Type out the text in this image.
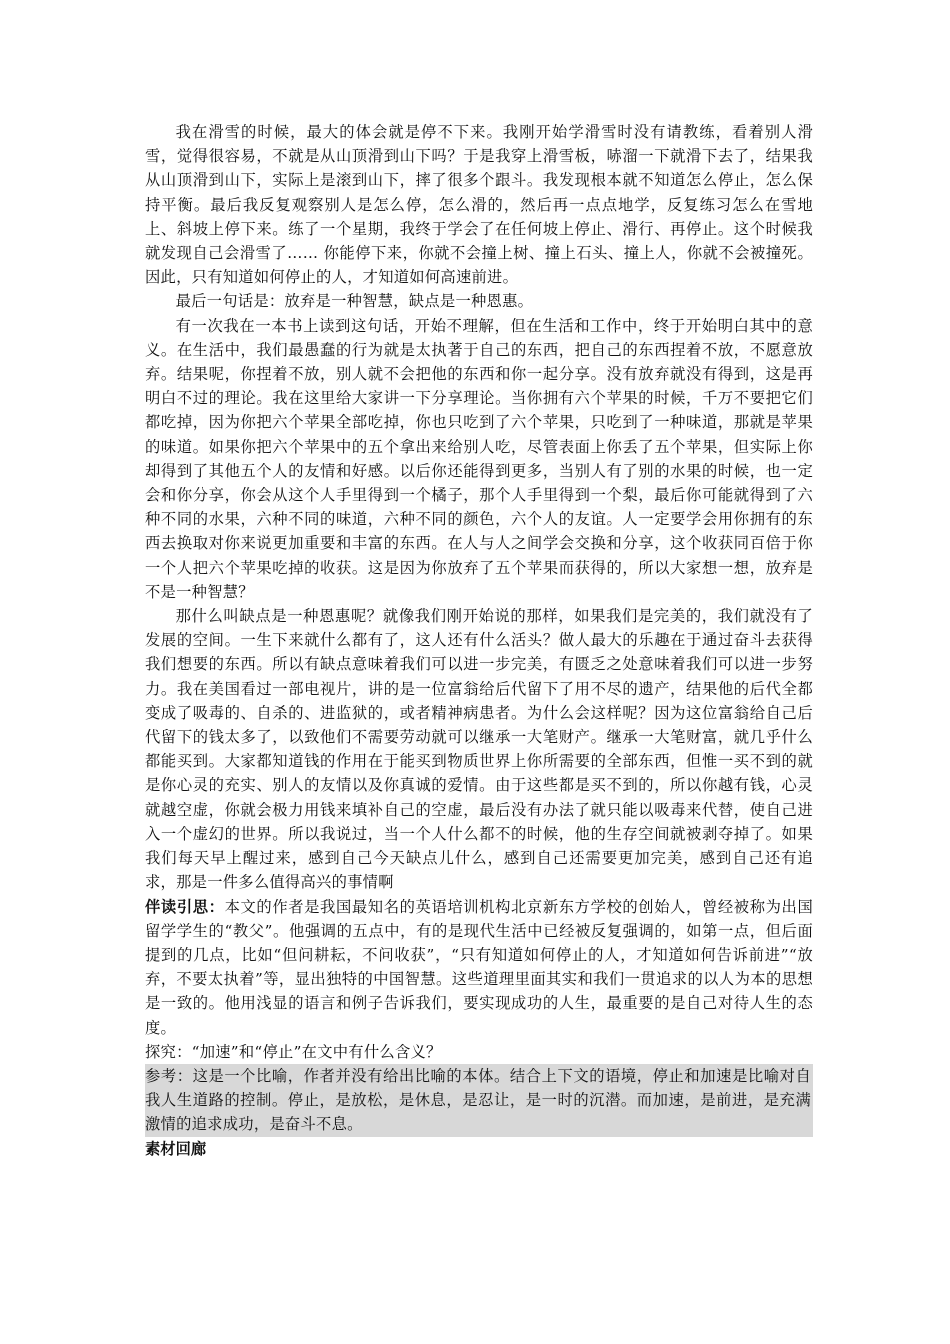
我在滑雪的时候，最大的体会就是停不下来。我刚开始学滑雪时没有请教练，看着别人滑雪，觉得很容易，不就是从山顶滑到山下吗？于是我穿上滑雪板，哧溜一下就滑下去了，结果我从山顶滑到山下，实际上是滚到山下，摔了很多个跟斗。我发现根本就不知道怎么停止，怎么保持平衡。最后我反复观察别人是怎么停，怎么滑的，然后再一点点地学，反复练习怎么在雪地上、斜坡上停下来。练了一个星期，我终于学会了在任何坡上停止、滑行、再停止。这个时候我就发现自己会滑雪了…… 你能停下来，你就不会撞上树、撞上石头、撞上人，你就不会被撞死。因此，只有知道如何停止的人，才知道如何高速前进。

最后一句话是：放弃是一种智慧，缺点是一种恩惠。

有一次我在一本书上读到这句话，开始不理解，但在生活和工作中，终于开始明白其中的意义。在生活中，我们最愚蠢的行为就是太执著于自己的东西，把自己的东西捏着不放，不愿意放弃。结果呢，你捏着不放，别人就不会把他的东西和你一起分享。没有放弃就没有得到，这是再明白不过的理论。我在这里给大家讲一下分享理论。当你拥有六个苹果的时候，千万不要把它们都吃掉，因为你把六个苹果全部吃掉，你也只吃到了六个苹果，只吃到了一种味道，那就是苹果的味道。如果你把六个苹果中的五个拿出来给别人吃，尽管表面上你丢了五个苹果，但实际上你却得到了其他五个人的友情和好感。以后你还能得到更多，当别人有了别的水果的时候，也一定会和你分享，你会从这个人手里得到一个橘子，那个人手里得到一个梨，最后你可能就得到了六种不同的水果，六种不同的味道，六种不同的颜色，六个人的友谊。人一定要学会用你拥有的东西去换取对你来说更加重要和丰富的东西。在人与人之间学会交换和分享，这个收获同百倍于你一个人把六个苹果吃掉的收获。这是因为你放弃了五个苹果而获得的，所以大家想一想，放弃是不是一种智慧？

那什么叫缺点是一种恩惠呢？就像我们刚开始说的那样，如果我们是完美的，我们就没有了发展的空间。一生下来就什么都有了，这人还有什么活头？做人最大的乐趣在于通过奋斗去获得我们想要的东西。所以有缺点意味着我们可以进一步完美，有匮乏之处意味着我们可以进一步努力。我在美国看过一部电视片，讲的是一位富翁给后代留下了用不尽的遗产，结果他的后代全都变成了吸毒的、自杀的、进监狱的，或者精神病患者。为什么会这样呢？因为这位富翁给自己后代留下的钱太多了，以致他们不需要劳动就可以继承一大笔财产。继承一大笔财富，就几乎什么都能买到。大家都知道钱的作用在于能买到物质世界上你所需要的全部东西，但惟一买不到的就是你心灵的充实、别人的友情以及你真诚的爱情。由于这些都是买不到的，所以你越有钱，心灵就越空虚，你就会极力用钱来填补自己的空虚，最后没有办法了就只能以吸毒来代替，使自己进入一个虚幻的世界。所以我说过，当一个人什么都不的时候，他的生存空间就被剥夺掉了。如果我们每天早上醒过来，感到自己今天缺点儿什么，感到自己还需要更加完美，感到自己还有追求，那是一件多么值得高兴的事情啊

伴读引思：本文的作者是我国最知名的英语培训机构北京新东方学校的创始人，曾经被称为出国留学学生的“教父”。他强调的五点中，有的是现代生活中已经被反复强调的，如第一点，但后面提到的几点，比如“但问耕耘，不问收获”，“只有知道如何停止的人，才知道如何告诉前进”“放弃，不要太执着”等，显出独特的中国智慧。这些道理里面其实和我们一贯追求的以人为本的思想是一致的。他用浅显的语言和例子告诉我们，要实现成功的人生，最重要的是自己对待人生的态度。

探究：“加速”和“停止”在文中有什么含义？

参考：这是一个比喻，作者并没有给出比喻的本体。结合上下文的语境，停止和加速是比喻对自我人生道路的控制。停止，是放松，是休息，是忍让，是一时的沉潜。而加速，是前进，是充满激情的追求成功，是奋斗不息。

素材回廊
